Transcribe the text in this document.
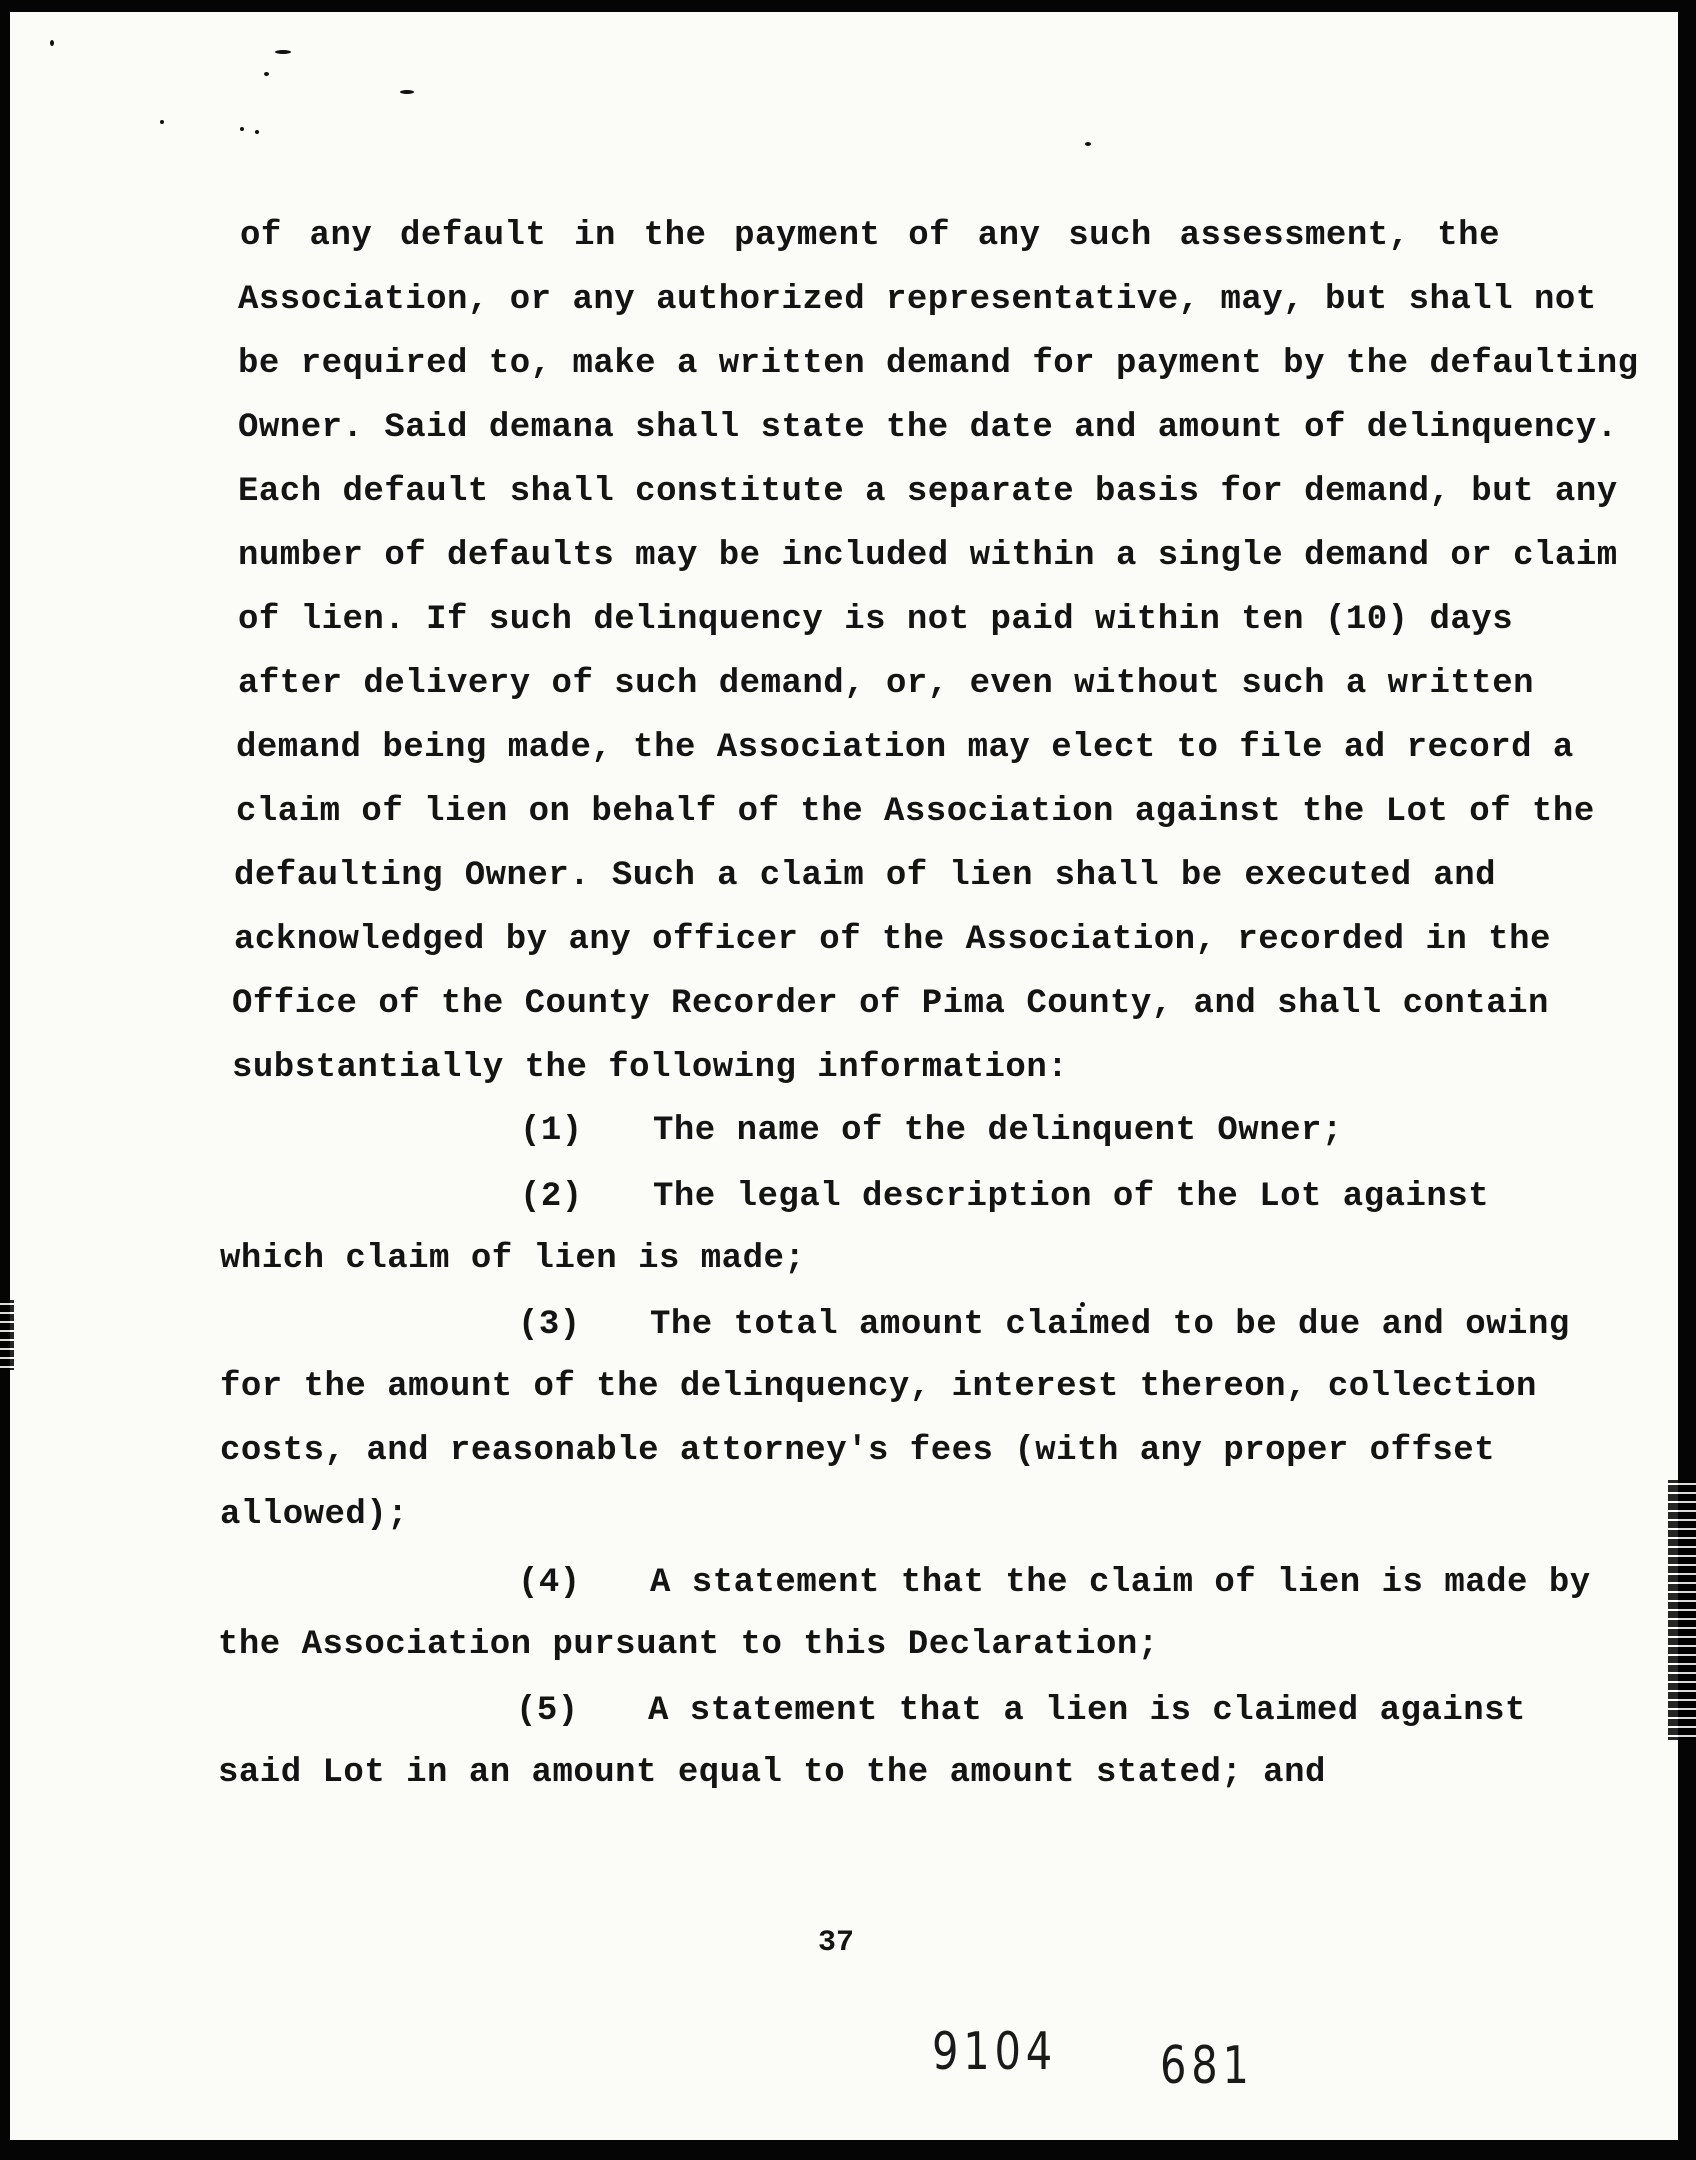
of any default in the payment of any such assessment, the
Association, or any authorized representative, may, but shall not
be required to, make a written demand for payment by the defaulting
Owner. Said demana shall state the date and amount of delinquency.
Each default shall constitute a separate basis for demand, but any
number of defaults may be included within a single demand or claim
of lien. If such delinquency is not paid within ten (10) days
after delivery of such demand, or, even without such a written
demand being made, the Association may elect to file ad record a
claim of lien on behalf of the Association against the Lot of the
defaulting Owner. Such a claim of lien shall be executed and
acknowledged by any officer of the Association, recorded in the
Office of the County Recorder of Pima County, and shall contain
substantially the following information:
(1) The name of the delinquent Owner;
(2) The legal description of the Lot against
which claim of lien is made;
(3) The total amount claimed to be due and owing
for the amount of the delinquency, interest thereon, collection
costs, and reasonable attorney's fees (with any proper offset
allowed);
(4) A statement that the claim of lien is made by
the Association pursuant to this Declaration;
(5) A statement that a lien is claimed against
said Lot in an amount equal to the amount stated; and
37
9104 681
